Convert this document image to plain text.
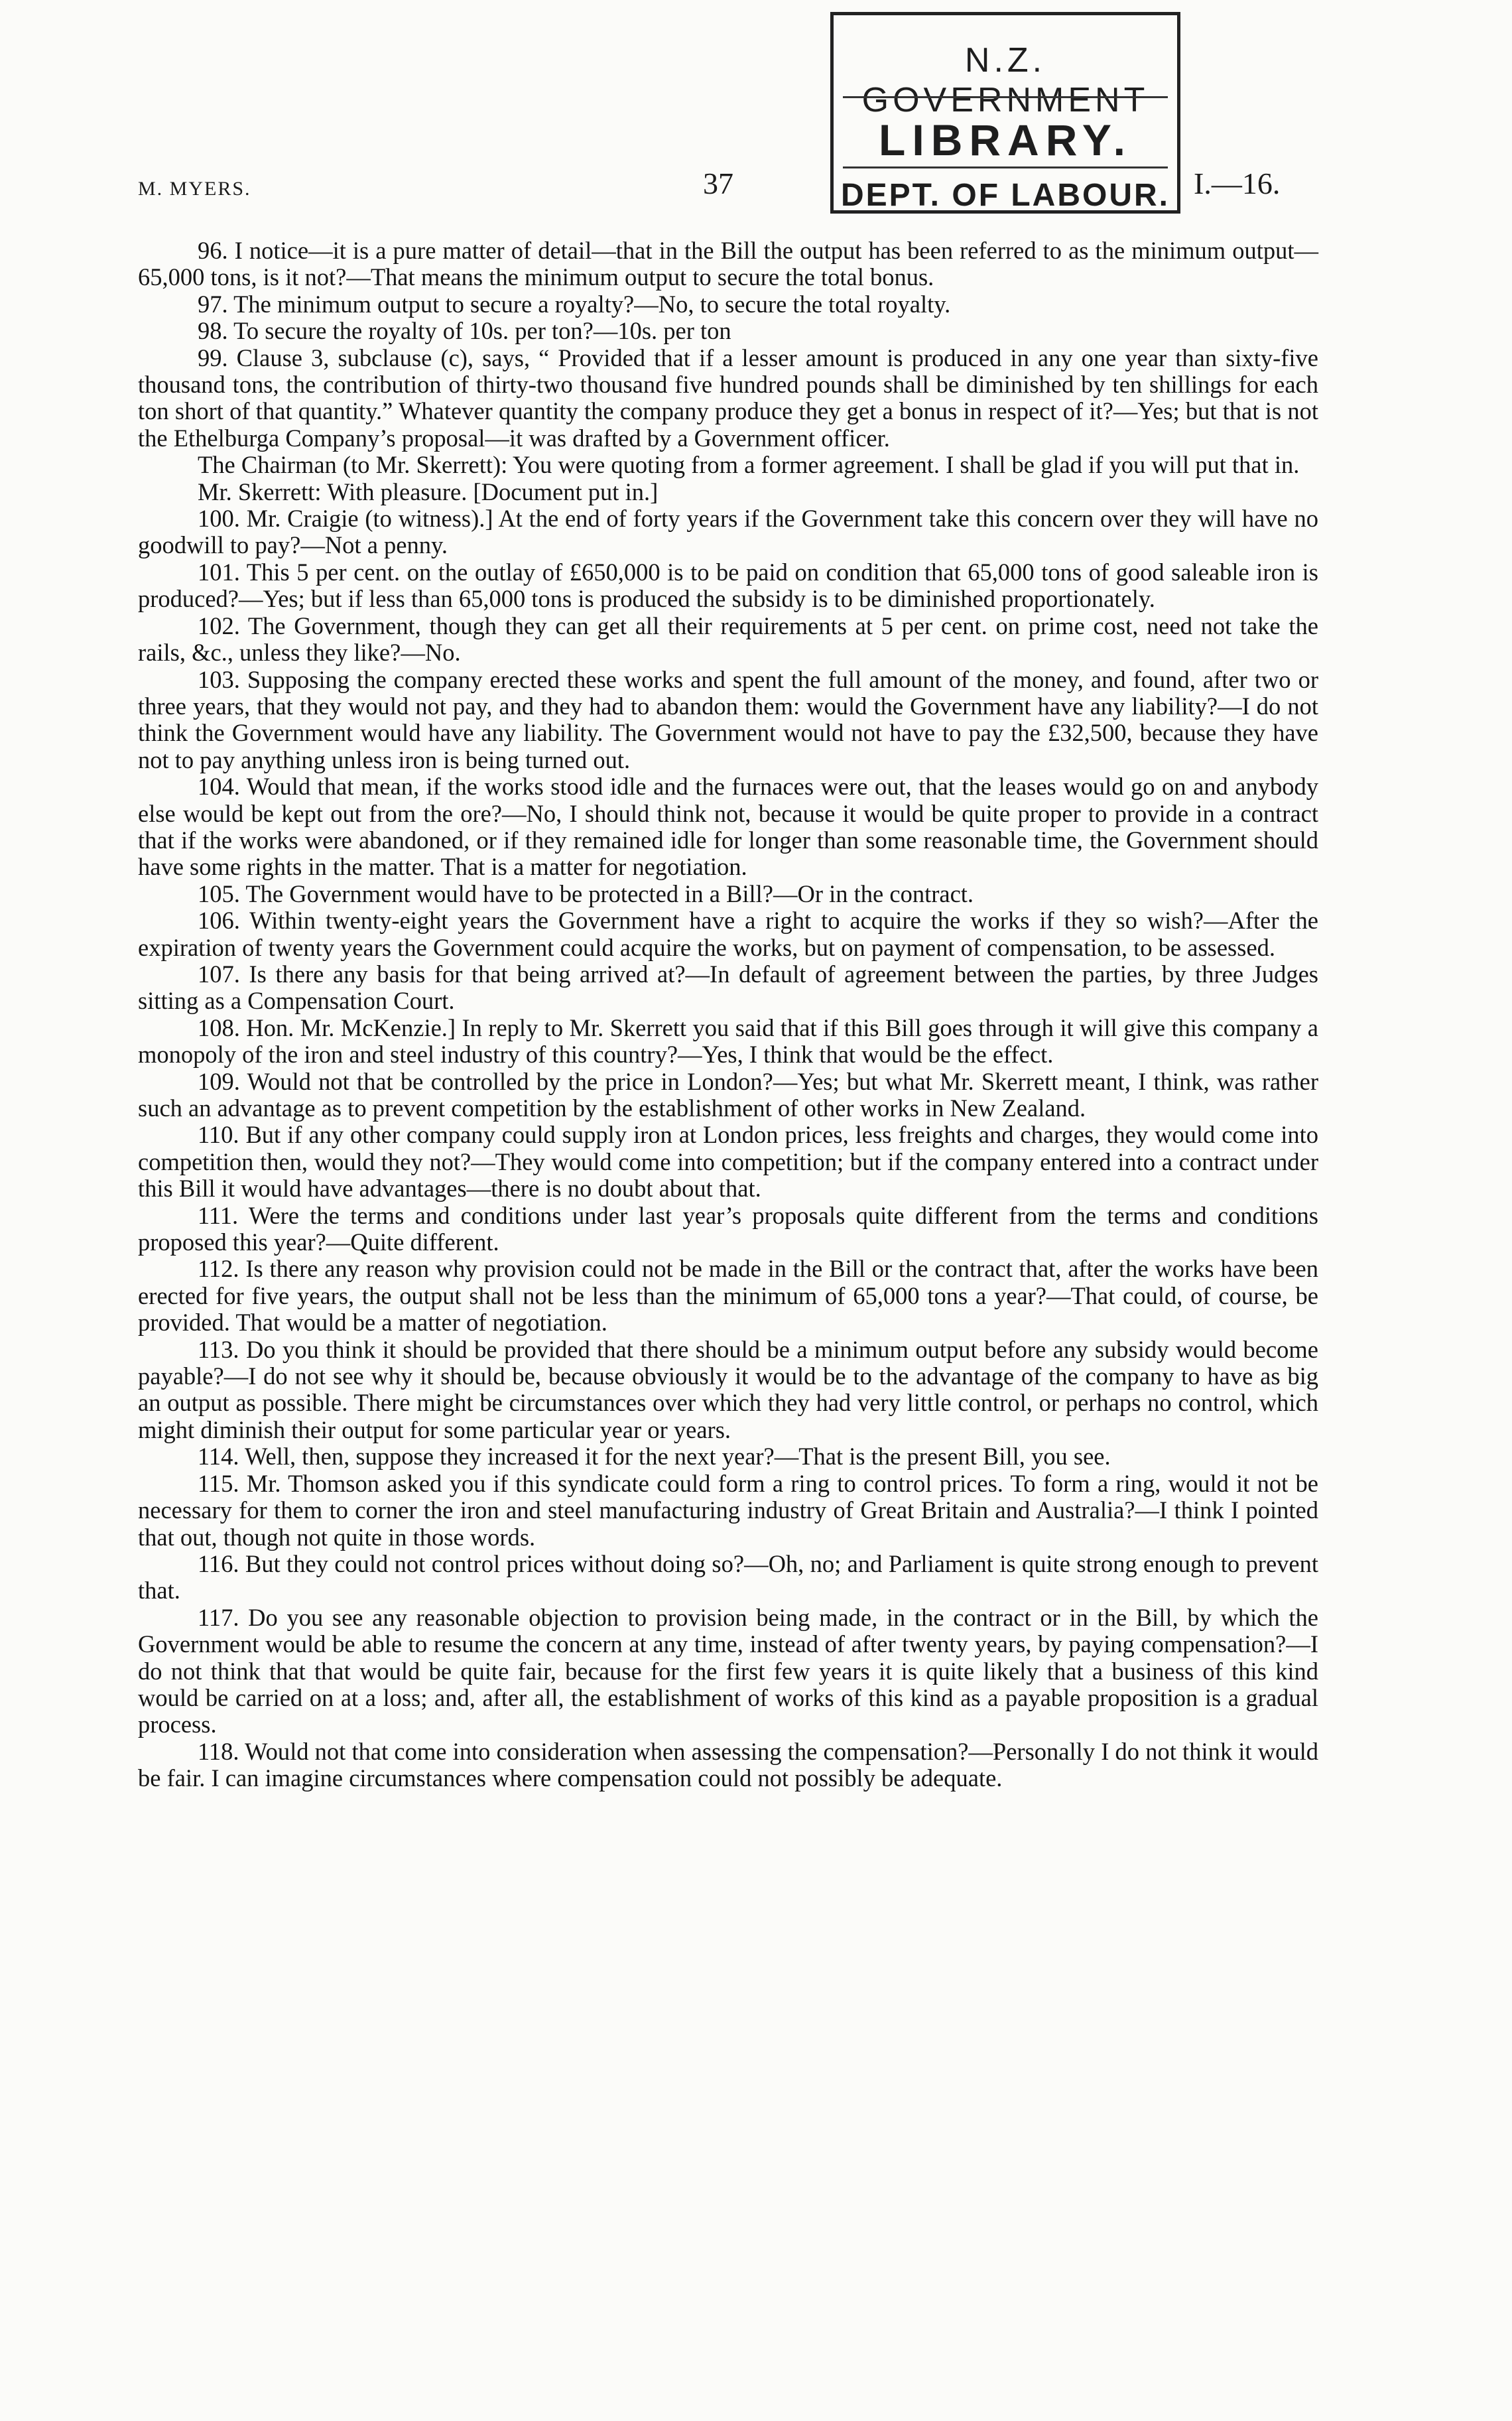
M. MYERS.	37	I.—16.
N.Z. GOVERNMENT
LIBRARY.
DEPT. OF LABOUR.

96. I notice—it is a pure matter of detail—that in the Bill the output has been referred to as the minimum output—65,000 tons, is it not?—That means the minimum output to secure the total bonus.

97. The minimum output to secure a royalty?—No, to secure the total royalty.

98. To secure the royalty of 10s. per ton?—10s. per ton

99. Clause 3, subclause (c), says, “ Provided that if a lesser amount is produced in any one year than sixty-five thousand tons, the contribution of thirty-two thousand five hundred pounds shall be diminished by ten shillings for each ton short of that quantity.” Whatever quantity the company produce they get a bonus in respect of it?—Yes; but that is not the Ethelburga Company’s proposal—it was drafted by a Government officer.

The Chairman (to Mr. Skerrett): You were quoting from a former agreement. I shall be glad if you will put that in.

Mr. Skerrett: With pleasure. [Document put in.]

100. Mr. Craigie (to witness).] At the end of forty years if the Government take this concern over they will have no goodwill to pay?—Not a penny.

101. This 5 per cent. on the outlay of £650,000 is to be paid on condition that 65,000 tons of good saleable iron is produced?—Yes; but if less than 65,000 tons is produced the subsidy is to be diminished proportionately.

102. The Government, though they can get all their requirements at 5 per cent. on prime cost, need not take the rails, &c., unless they like?—No.

103. Supposing the company erected these works and spent the full amount of the money, and found, after two or three years, that they would not pay, and they had to abandon them: would the Government have any liability?—I do not think the Government would have any liability. The Government would not have to pay the £32,500, because they have not to pay anything unless iron is being turned out.

104. Would that mean, if the works stood idle and the furnaces were out, that the leases would go on and anybody else would be kept out from the ore?—No, I should think not, because it would be quite proper to provide in a contract that if the works were abandoned, or if they remained idle for longer than some reasonable time, the Government should have some rights in the matter. That is a matter for negotiation.

105. The Government would have to be protected in a Bill?—Or in the contract.

106. Within twenty-eight years the Government have a right to acquire the works if they so wish?—After the expiration of twenty years the Government could acquire the works, but on payment of compensation, to be assessed.

107. Is there any basis for that being arrived at?—In default of agreement between the parties, by three Judges sitting as a Compensation Court.

108. Hon. Mr. McKenzie.] In reply to Mr. Skerrett you said that if this Bill goes through it will give this company a monopoly of the iron and steel industry of this country?—Yes, I think that would be the effect.

109. Would not that be controlled by the price in London?—Yes; but what Mr. Skerrett meant, I think, was rather such an advantage as to prevent competition by the establishment of other works in New Zealand.

110. But if any other company could supply iron at London prices, less freights and charges, they would come into competition then, would they not?—They would come into competition; but if the company entered into a contract under this Bill it would have advantages—there is no doubt about that.

111. Were the terms and conditions under last year’s proposals quite different from the terms and conditions proposed this year?—Quite different.

112. Is there any reason why provision could not be made in the Bill or the contract that, after the works have been erected for five years, the output shall not be less than the minimum of 65,000 tons a year?—That could, of course, be provided. That would be a matter of negotiation.

113. Do you think it should be provided that there should be a minimum output before any subsidy would become payable?—I do not see why it should be, because obviously it would be to the advantage of the company to have as big an output as possible. There might be circumstances over which they had very little control, or perhaps no control, which might diminish their output for some particular year or years.

114. Well, then, suppose they increased it for the next year?—That is the present Bill, you see.

115. Mr. Thomson asked you if this syndicate could form a ring to control prices. To form a ring, would it not be necessary for them to corner the iron and steel manufacturing industry of Great Britain and Australia?—I think I pointed that out, though not quite in those words.

116. But they could not control prices without doing so?—Oh, no; and Parliament is quite strong enough to prevent that.

117. Do you see any reasonable objection to provision being made, in the contract or in the Bill, by which the Government would be able to resume the concern at any time, instead of after twenty years, by paying compensation?—I do not think that that would be quite fair, because for the first few years it is quite likely that a business of this kind would be carried on at a loss; and, after all, the establishment of works of this kind as a payable proposition is a gradual process.

118. Would not that come into consideration when assessing the compensation?—Personally I do not think it would be fair. I can imagine circumstances where compensation could not possibly be adequate.
